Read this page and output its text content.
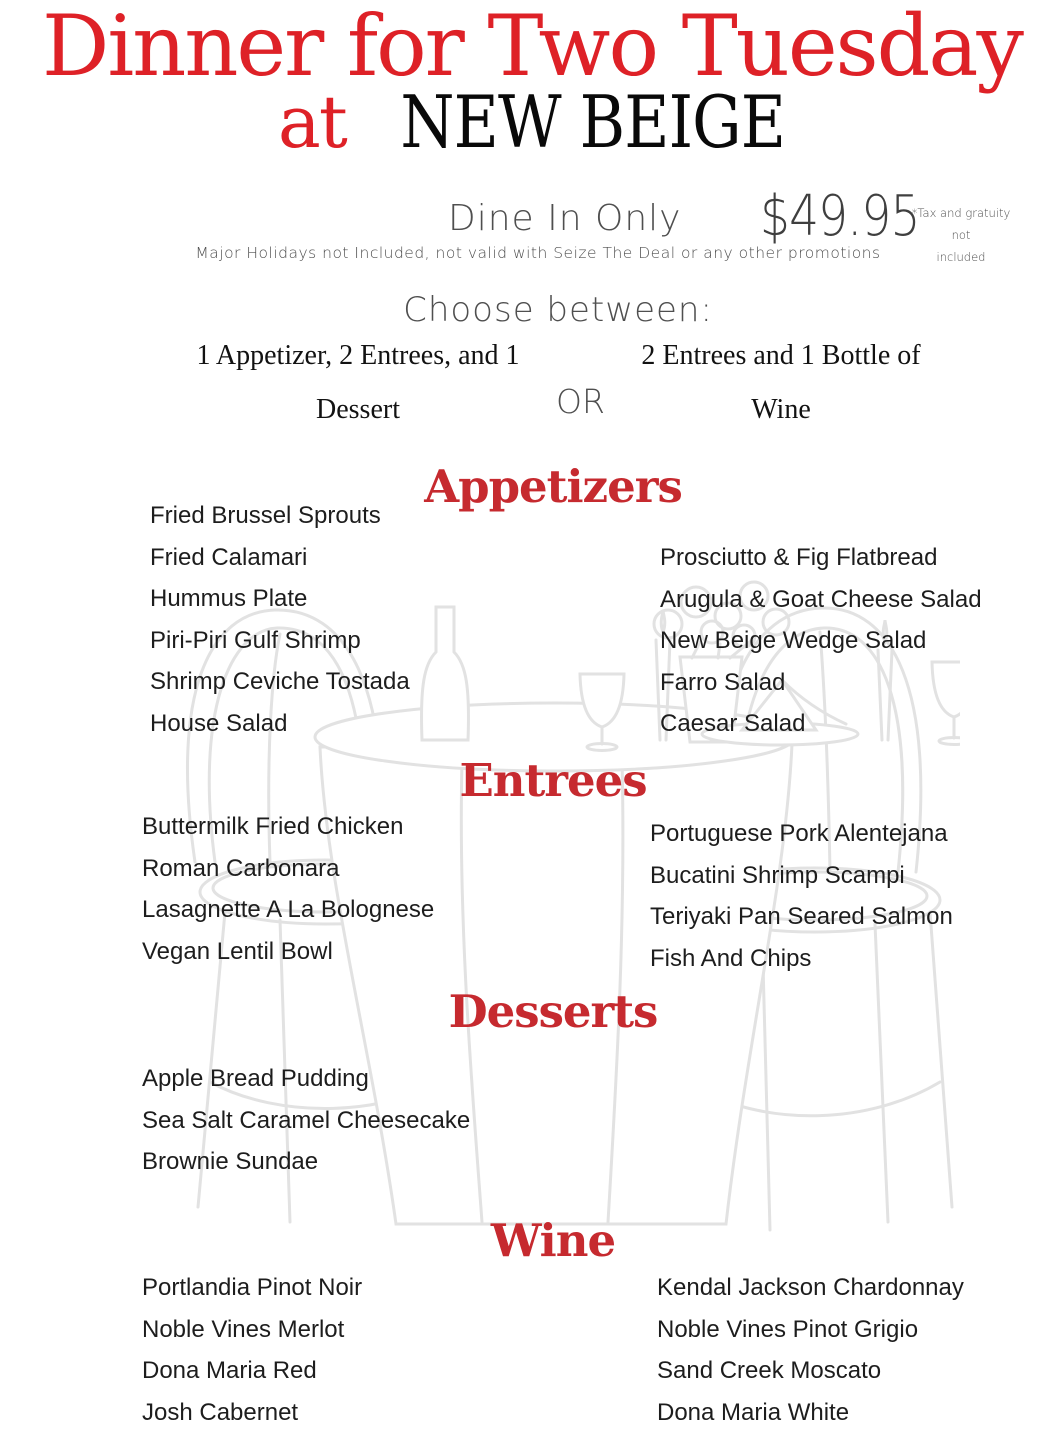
Dinner for Two Tuesday
at NEW BEIGE
Dine In Only $49.95
*Tax and gratuity not
included
Major Holidays not Included, not valid with Seize The Deal or any other promotions
Choose between:
1 Appetizer, 2 Entrees, and 1
Dessert	OR
2 Entrees and 1 Bottle of
Wine
Appetizers
Fried Brussel Sprouts
Fried Calamari
Hummus Plate
Piri-Piri Gulf Shrimp
Shrimp Ceviche Tostada
House Salad
Prosciutto & Fig Flatbread
Arugula & Goat Cheese Salad
New Beige Wedge Salad
Farro Salad
Caesar Salad
Entrees
Buttermilk Fried Chicken
Roman Carbonara
Lasagnette A La Bolognese
Vegan Lentil Bowl
Portuguese Pork Alentejana
Bucatini Shrimp Scampi
Teriyaki Pan Seared Salmon
Fish And Chips
Desserts
Apple Bread Pudding
Sea Salt Caramel Cheesecake
Brownie Sundae
Wine
Portlandia Pinot Noir
Noble Vines Merlot
Dona Maria Red
Josh Cabernet
Kendal Jackson Chardonnay
Noble Vines Pinot Grigio
Sand Creek Moscato
Dona Maria White
